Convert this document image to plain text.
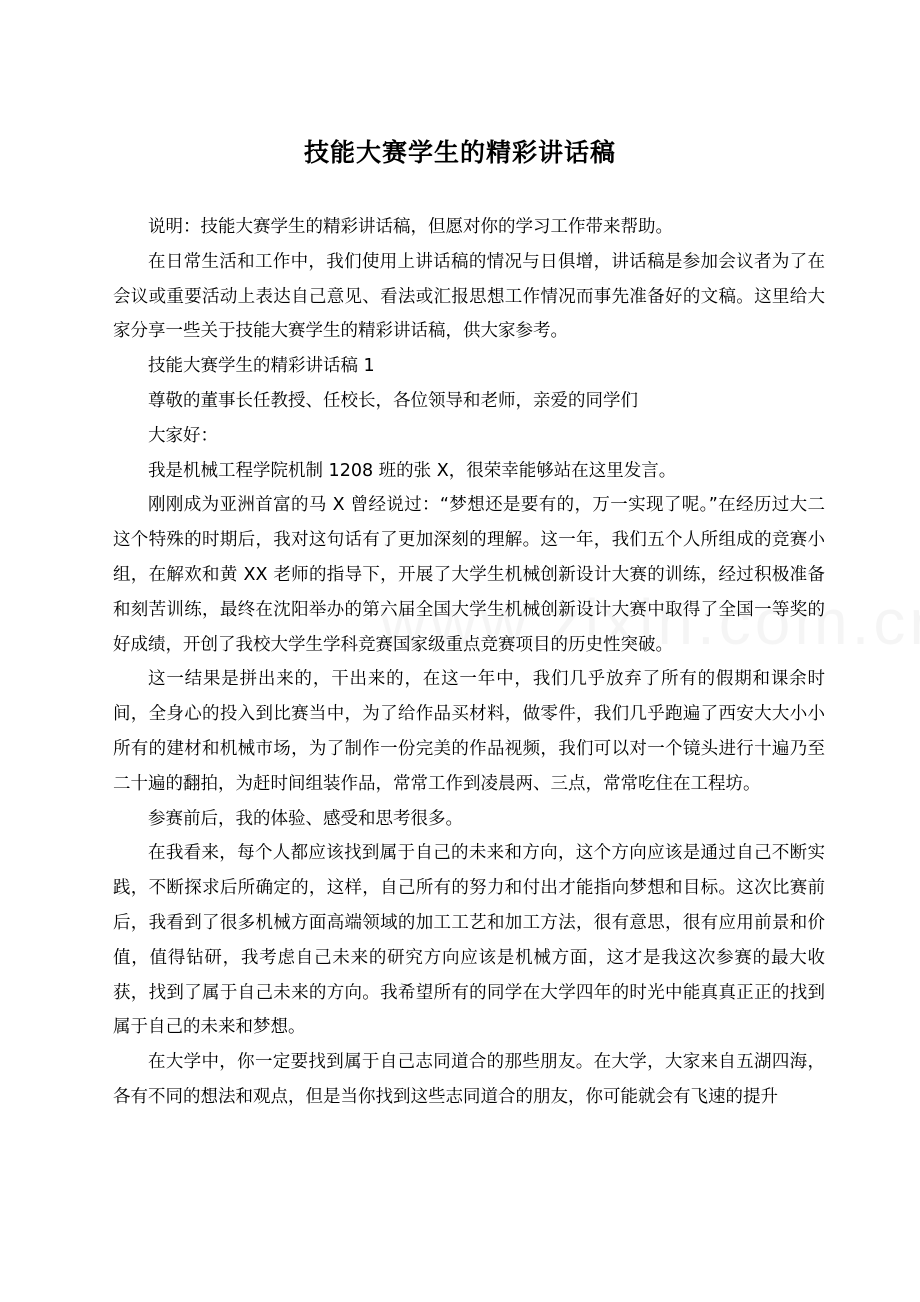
技能大赛学生的精彩讲话稿

说明：技能大赛学生的精彩讲话稿，但愿对你的学习工作带来帮助。

在日常生活和工作中，我们使用上讲话稿的情况与日俱增，讲话稿是参加会议者为了在会议或重要活动上表达自己意见、看法或汇报思想工作情况而事先准备好的文稿。这里给大家分享一些关于技能大赛学生的精彩讲话稿，供大家参考。

技能大赛学生的精彩讲话稿 1

尊敬的董事长任教授、任校长，各位领导和老师，亲爱的同学们

大家好：

我是机械工程学院机制 1208 班的张 X，很荣幸能够站在这里发言。

刚刚成为亚洲首富的马 X 曾经说过：“梦想还是要有的，万一实现了呢。”在经历过大二这个特殊的时期后，我对这句话有了更加深刻的理解。这一年，我们五个人所组成的竞赛小组，在解欢和黄 XX 老师的指导下，开展了大学生机械创新设计大赛的训练，经过积极准备和刻苦训练，最终在沈阳举办的第六届全国大学生机械创新设计大赛中取得了全国一等奖的好成绩，开创了我校大学生学科竞赛国家级重点竞赛项目的历史性突破。

这一结果是拼出来的，干出来的，在这一年中，我们几乎放弃了所有的假期和课余时间，全身心的投入到比赛当中，为了给作品买材料，做零件，我们几乎跑遍了西安大大小小所有的建材和机械市场，为了制作一份完美的作品视频，我们可以对一个镜头进行十遍乃至二十遍的翻拍，为赶时间组装作品，常常工作到凌晨两、三点，常常吃住在工程坊。

参赛前后，我的体验、感受和思考很多。

在我看来，每个人都应该找到属于自己的未来和方向，这个方向应该是通过自己不断实践，不断探求后所确定的，这样，自己所有的努力和付出才能指向梦想和目标。这次比赛前后，我看到了很多机械方面高端领域的加工工艺和加工方法，很有意思，很有应用前景和价值，值得钻研，我考虑自己未来的研究方向应该是机械方面，这才是我这次参赛的最大收获，找到了属于自己未来的方向。我希望所有的同学在大学四年的时光中能真真正正的找到属于自己的未来和梦想。

在大学中，你一定要找到属于自己志同道合的那些朋友。在大学，大家来自五湖四海，各有不同的想法和观点，但是当你找到这些志同道合的朋友，你可能就会有飞速的提升
